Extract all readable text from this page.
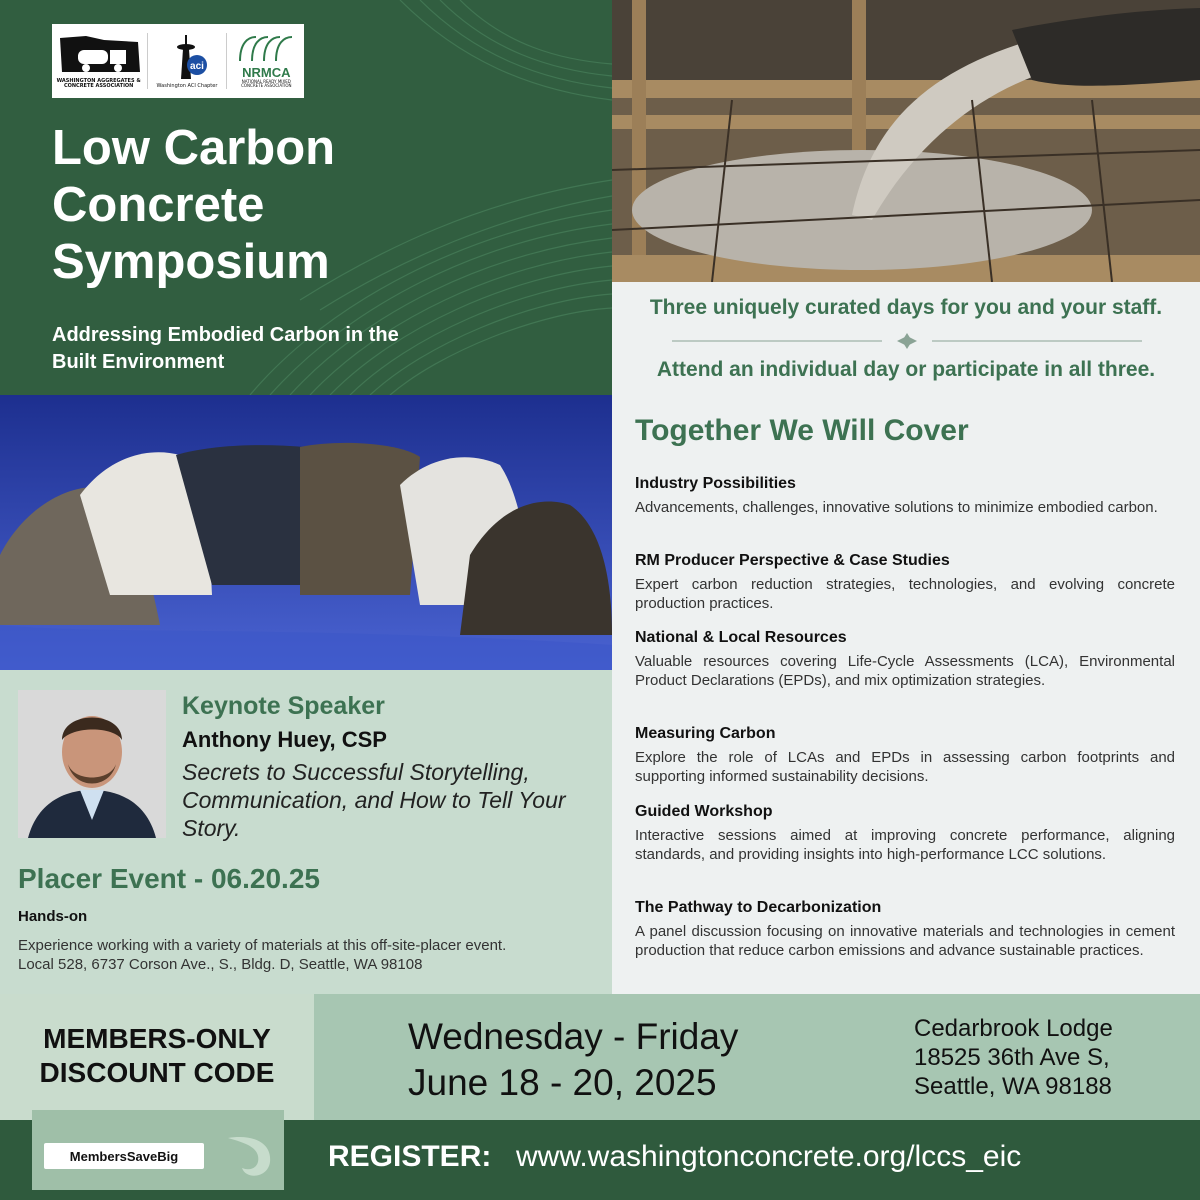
WASHINGTON AGGREGATES & CONCRETE ASSOCIATION
aci
Washington ACI Chapter
NRMCA
NATIONAL READY MIXED CONCRETE ASSOCIATION
Low Carbon
Concrete
Symposium
Addressing Embodied Carbon in the
Built Environment
Three uniquely curated days for you and your staff.
Attend an individual day or participate in all three.
Together We Will Cover
Industry Possibilities

Advancements, challenges, innovative solutions to minimize embodied carbon.

RM Producer Perspective & Case Studies

Expert carbon reduction strategies, technologies, and evolving concrete production practices.

National & Local Resources

Valuable resources covering Life-Cycle Assessments (LCA), Environmental Product Declarations (EPDs), and mix optimization strategies.

Measuring Carbon

Explore the role of LCAs and EPDs in assessing carbon footprints and supporting informed sustainability decisions.

Guided Workshop

Interactive sessions aimed at improving concrete performance, aligning standards, and providing insights into high-performance LCC solutions.

The Pathway to Decarbonization

A panel discussion focusing on innovative materials and technologies in cement production that reduce carbon emissions and advance sustainable practices.

Keynote Speaker
Anthony Huey, CSP
Secrets to Successful Storytelling, Communication, and How to Tell Your Story.
Placer Event - 06.20.25
Hands-on
Experience working with a variety of materials at this off-site-placer event.
Local 528, 6737 Corson Ave., S., Bldg. D, Seattle, WA 98108
MEMBERS-ONLY
DISCOUNT CODE
Wednesday - Friday
June 18 - 20, 2025
Cedarbrook Lodge
18525 36th Ave S,
Seattle, WA 98188
MembersSaveBig	REGISTER: www.washingtonconcrete.org/lccs_eic
